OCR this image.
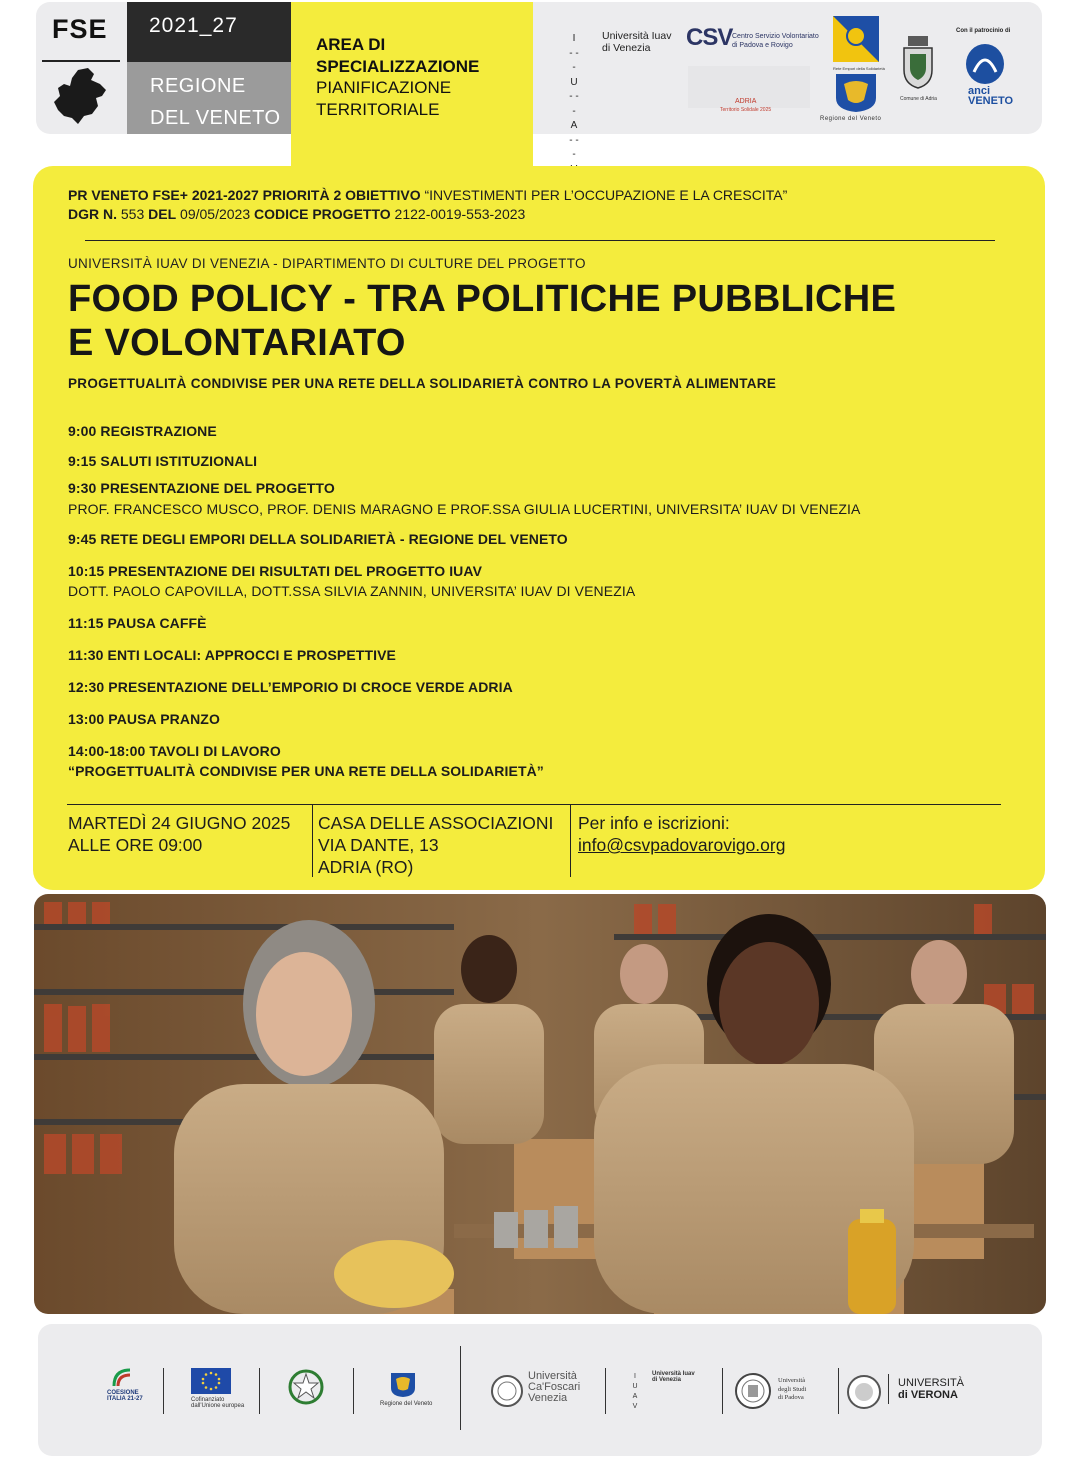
FSE 2021_27
REGIONE
DEL VENETO
AREA DI
SPECIALIZZAZIONE
PIANIFICAZIONE
TERRITORIALE
I
- - -
U
- - -
A
- - -
Università Iuav
di Venezia	CSV Centro Servizio Volontariato
di Padova e Rovigo
ADRIA
Territorio Solidale 2025
Rete Empori della Solidarietà
Regione del Veneto
Comune di Adria
Con il patrocinio di
anci
VENETO
PR VENETO FSE+ 2021-2027 PRIORITÀ 2 OBIETTIVO “INVESTIMENTI PER L’OCCUPAZIONE E LA CRESCITA”
DGR N. 553 DEL 09/05/2023 CODICE PROGETTO 2122-0019-553-2023
UNIVERSITÀ IUAV DI VENEZIA - DIPARTIMENTO DI CULTURE DEL PROGETTO
FOOD POLICY - TRA POLITICHE PUBBLICHE
E VOLONTARIATO
PROGETTUALITÀ CONDIVISE PER UNA RETE DELLA SOLIDARIETÀ CONTRO LA POVERTÀ ALIMENTARE
9:00 REGISTRAZIONE
9:15 SALUTI ISTITUZIONALI
9:30 PRESENTAZIONE DEL PROGETTO
PROF. FRANCESCO MUSCO, PROF. DENIS MARAGNO E PROF.SSA GIULIA LUCERTINI, UNIVERSITA’ IUAV DI VENEZIA
9:45 RETE DEGLI EMPORI DELLA SOLIDARIETÀ - REGIONE DEL VENETO
10:15 PRESENTAZIONE DEI RISULTATI DEL PROGETTO IUAV
DOTT. PAOLO CAPOVILLA, DOTT.SSA SILVIA ZANNIN, UNIVERSITA’ IUAV DI VENEZIA
11:15 PAUSA CAFFÈ
11:30 ENTI LOCALI: APPROCCI E PROSPETTIVE
12:30 PRESENTAZIONE DELL’EMPORIO DI CROCE VERDE ADRIA
13:00 PAUSA PRANZO
14:00-18:00 TAVOLI DI LAVORO
“PROGETTUALITÀ CONDIVISE PER UNA RETE DELLA SOLIDARIETÀ”
MARTEDÌ 24 GIUGNO 2025
ALLE ORE 09:00
CASA DELLE ASSOCIAZIONI
VIA DANTE, 13
ADRIA (RO)
Per info e iscrizioni:
info@csvpadovarovigo.org
COESIONE
ITALIA 21-27	Cofinanziato
dall'Unione europea	Regione del Veneto
Università
Ca'Foscari
Venezia
I
U
A
V
Università Iuav
di Venezia	Università
degli Studi
di Padova
UNIVERSITÀ
di VERONA
